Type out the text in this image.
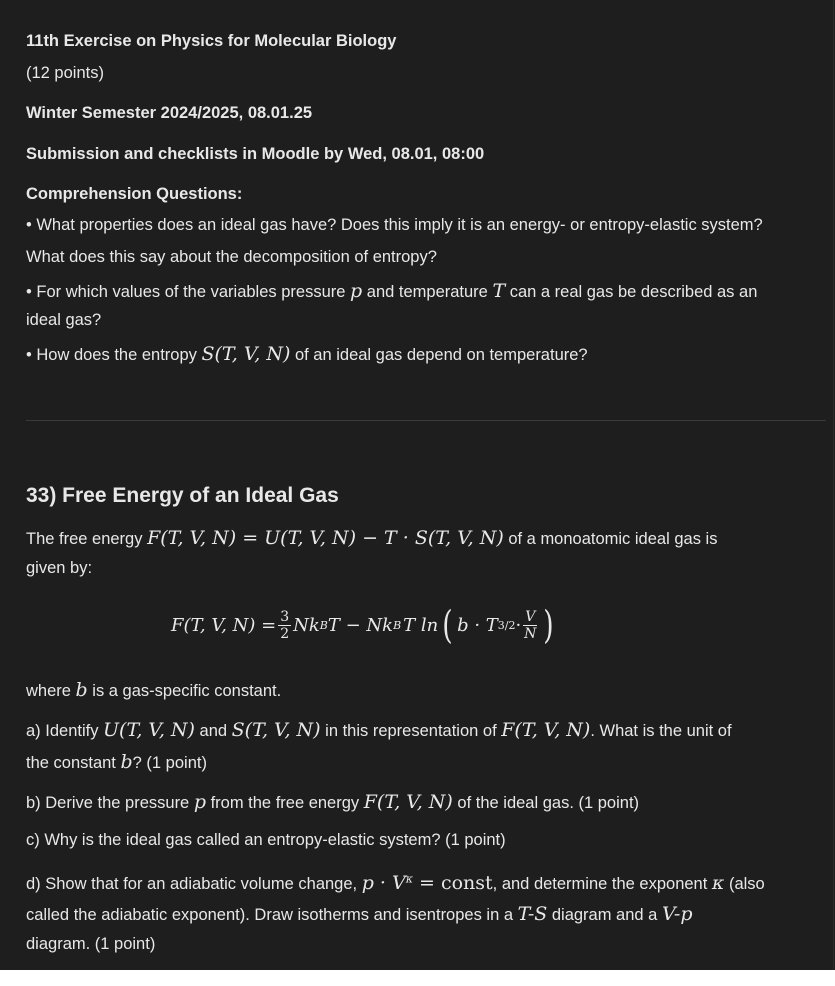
11th Exercise on Physics for Molecular Biology
(12 points)
Winter Semester 2024/2025, 08.01.25
Submission and checklists in Moodle by Wed, 08.01, 08:00
Comprehension Questions:
• What properties does an ideal gas have? Does this imply it is an energy- or entropy-elastic system?
What does this say about the decomposition of entropy?
• For which values of the variables pressure p and temperature T can a real gas be described as an
ideal gas?
• How does the entropy S(T, V, N) of an ideal gas depend on temperature?
33) Free Energy of an Ideal Gas
The free energy F(T, V, N) = U(T, V, N) − T · S(T, V, N) of a monoatomic ideal gas is
given by:
where b is a gas-specific constant.
a) Identify U(T, V, N) and S(T, V, N) in this representation of F(T, V, N). What is the unit of
the constant b? (1 point)
b) Derive the pressure p from the free energy F(T, V, N) of the ideal gas. (1 point)
c) Why is the ideal gas called an entropy-elastic system? (1 point)
d) Show that for an adiabatic volume change, $p \cdot V^\kappa$ = const, and determine the exponent κ (also
called the adiabatic exponent). Draw isotherms and isentropes in a T-S diagram and a V-p
diagram. (1 point)
F(T, V, $N) = \frac{3}{2}$ Nk B T − Nk B T ln ( b · T $3/2 \cdot \frac{V}{N}$ )
